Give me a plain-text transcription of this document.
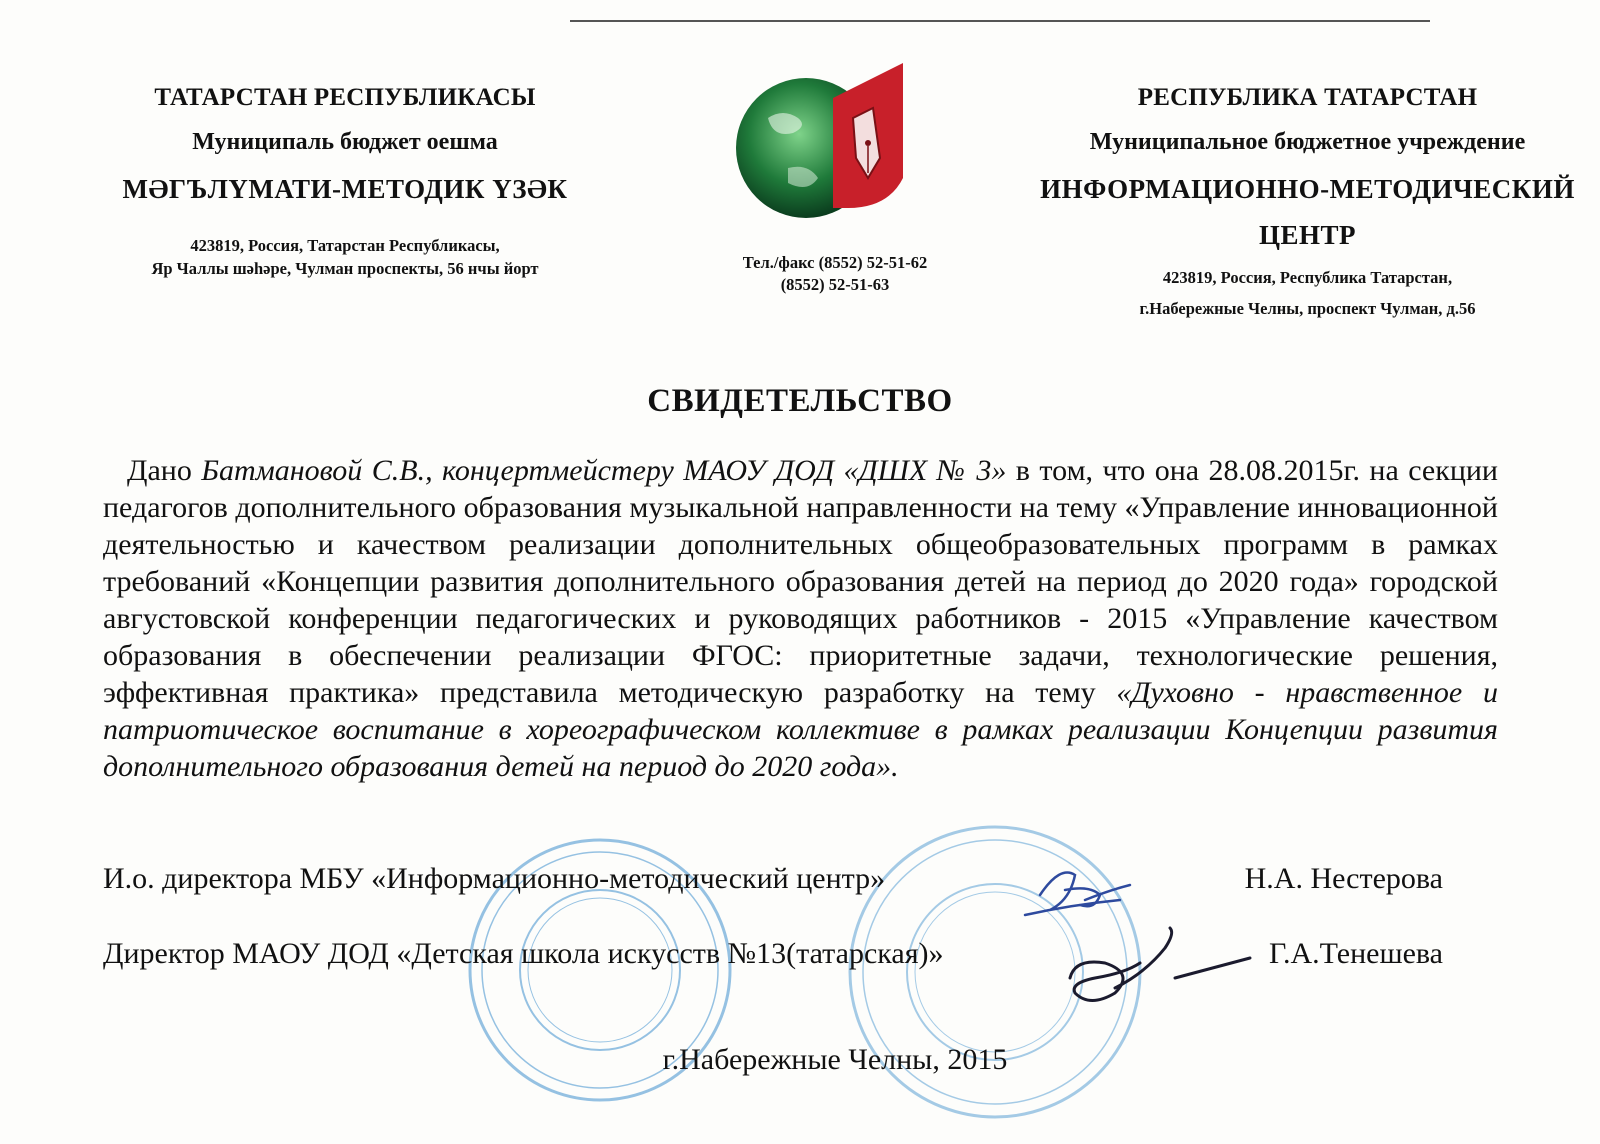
ТАТАРСТАН РЕСПУБЛИКАСЫ
Муниципаль бюджет оешма
МӘГЪЛҮМАТИ-МЕТОДИК ҮЗӘК
423819, Россия, Татарстан Республикасы,
Яр Чаллы шәһәре, Чулман проспекты, 56 нчы йорт	Тел./факс (8552) 52-51-62
(8552) 52-51-63
РЕСПУБЛИКА ТАТАРСТАН
Муниципальное бюджетное учреждение
ИНФОРМАЦИОННО-МЕТОДИЧЕСКИЙ
ЦЕНТР
423819, Россия, Республика Татарстан,
г.Набережные Челны, проспект Чулман, д.56
СВИДЕТЕЛЬСТВО
Дано Батмановой С.В., концертмейстеру МАОУ ДОД «ДШХ № 3» в том, что она 28.08.2015г. на секции педагогов дополнительного образования музыкальной направленности на тему «Управление инновационной деятельностью и качеством реализации дополнительных общеобразовательных программ в рамках требований «Концепции развития дополнительного образования детей на период до 2020 года» городской августовской конференции педагогических и руководящих работников - 2015 «Управление качеством образования в обеспечении реализации ФГОС: приоритетные задачи, технологические решения, эффективная практика» представила методическую разработку на тему «Духовно - нравственное и патриотическое воспитание в хореографическом коллективе в рамках реализации Концепции развития дополнительного образования детей на период до 2020 года».
И.о. директора МБУ «Информационно-методический центр»	Н.А. Нестерова
Директор МАОУ ДОД «Детская школа искусств №13(татарская)»	Г.А.Тенешева
г.Набережные Челны, 2015
